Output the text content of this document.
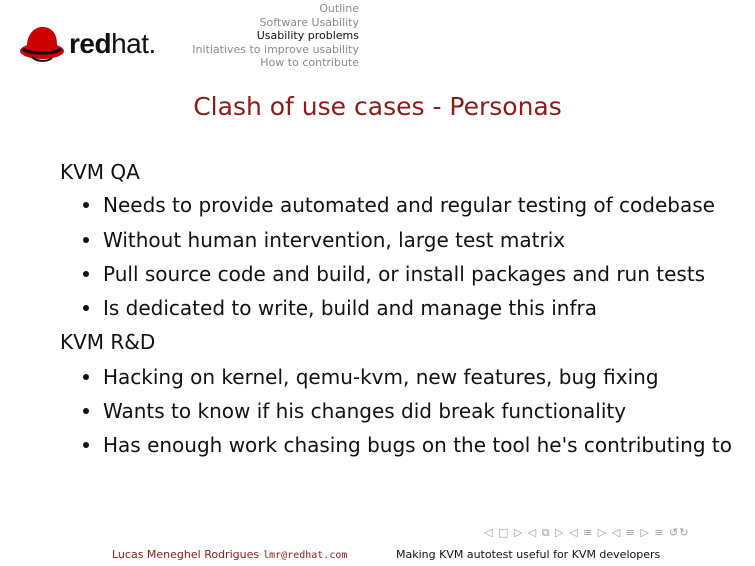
redhat.
Outline
Software Usability
Usability problems
Initiatives to improve usability
How to contribute
Clash of use cases - Personas
KVM QA
Needs to provide automated and regular testing of codebase
Without human intervention, large test matrix
Pull source code and build, or install packages and run tests
Is dedicated to write, build and manage this infra
KVM R&D
Hacking on kernel, qemu-kvm, new features, bug fixing
Wants to know if his changes did break functionality
Has enough work chasing bugs on the tool he's contributing to
◁ □ ▷ ◁ ⧉ ▷ ◁ ≡ ▷ ◁ ≡ ▷ ≡ ↺↻
Lucas Meneghel Rodrigues lmr@redhat.com	Making KVM autotest useful for KVM developers
